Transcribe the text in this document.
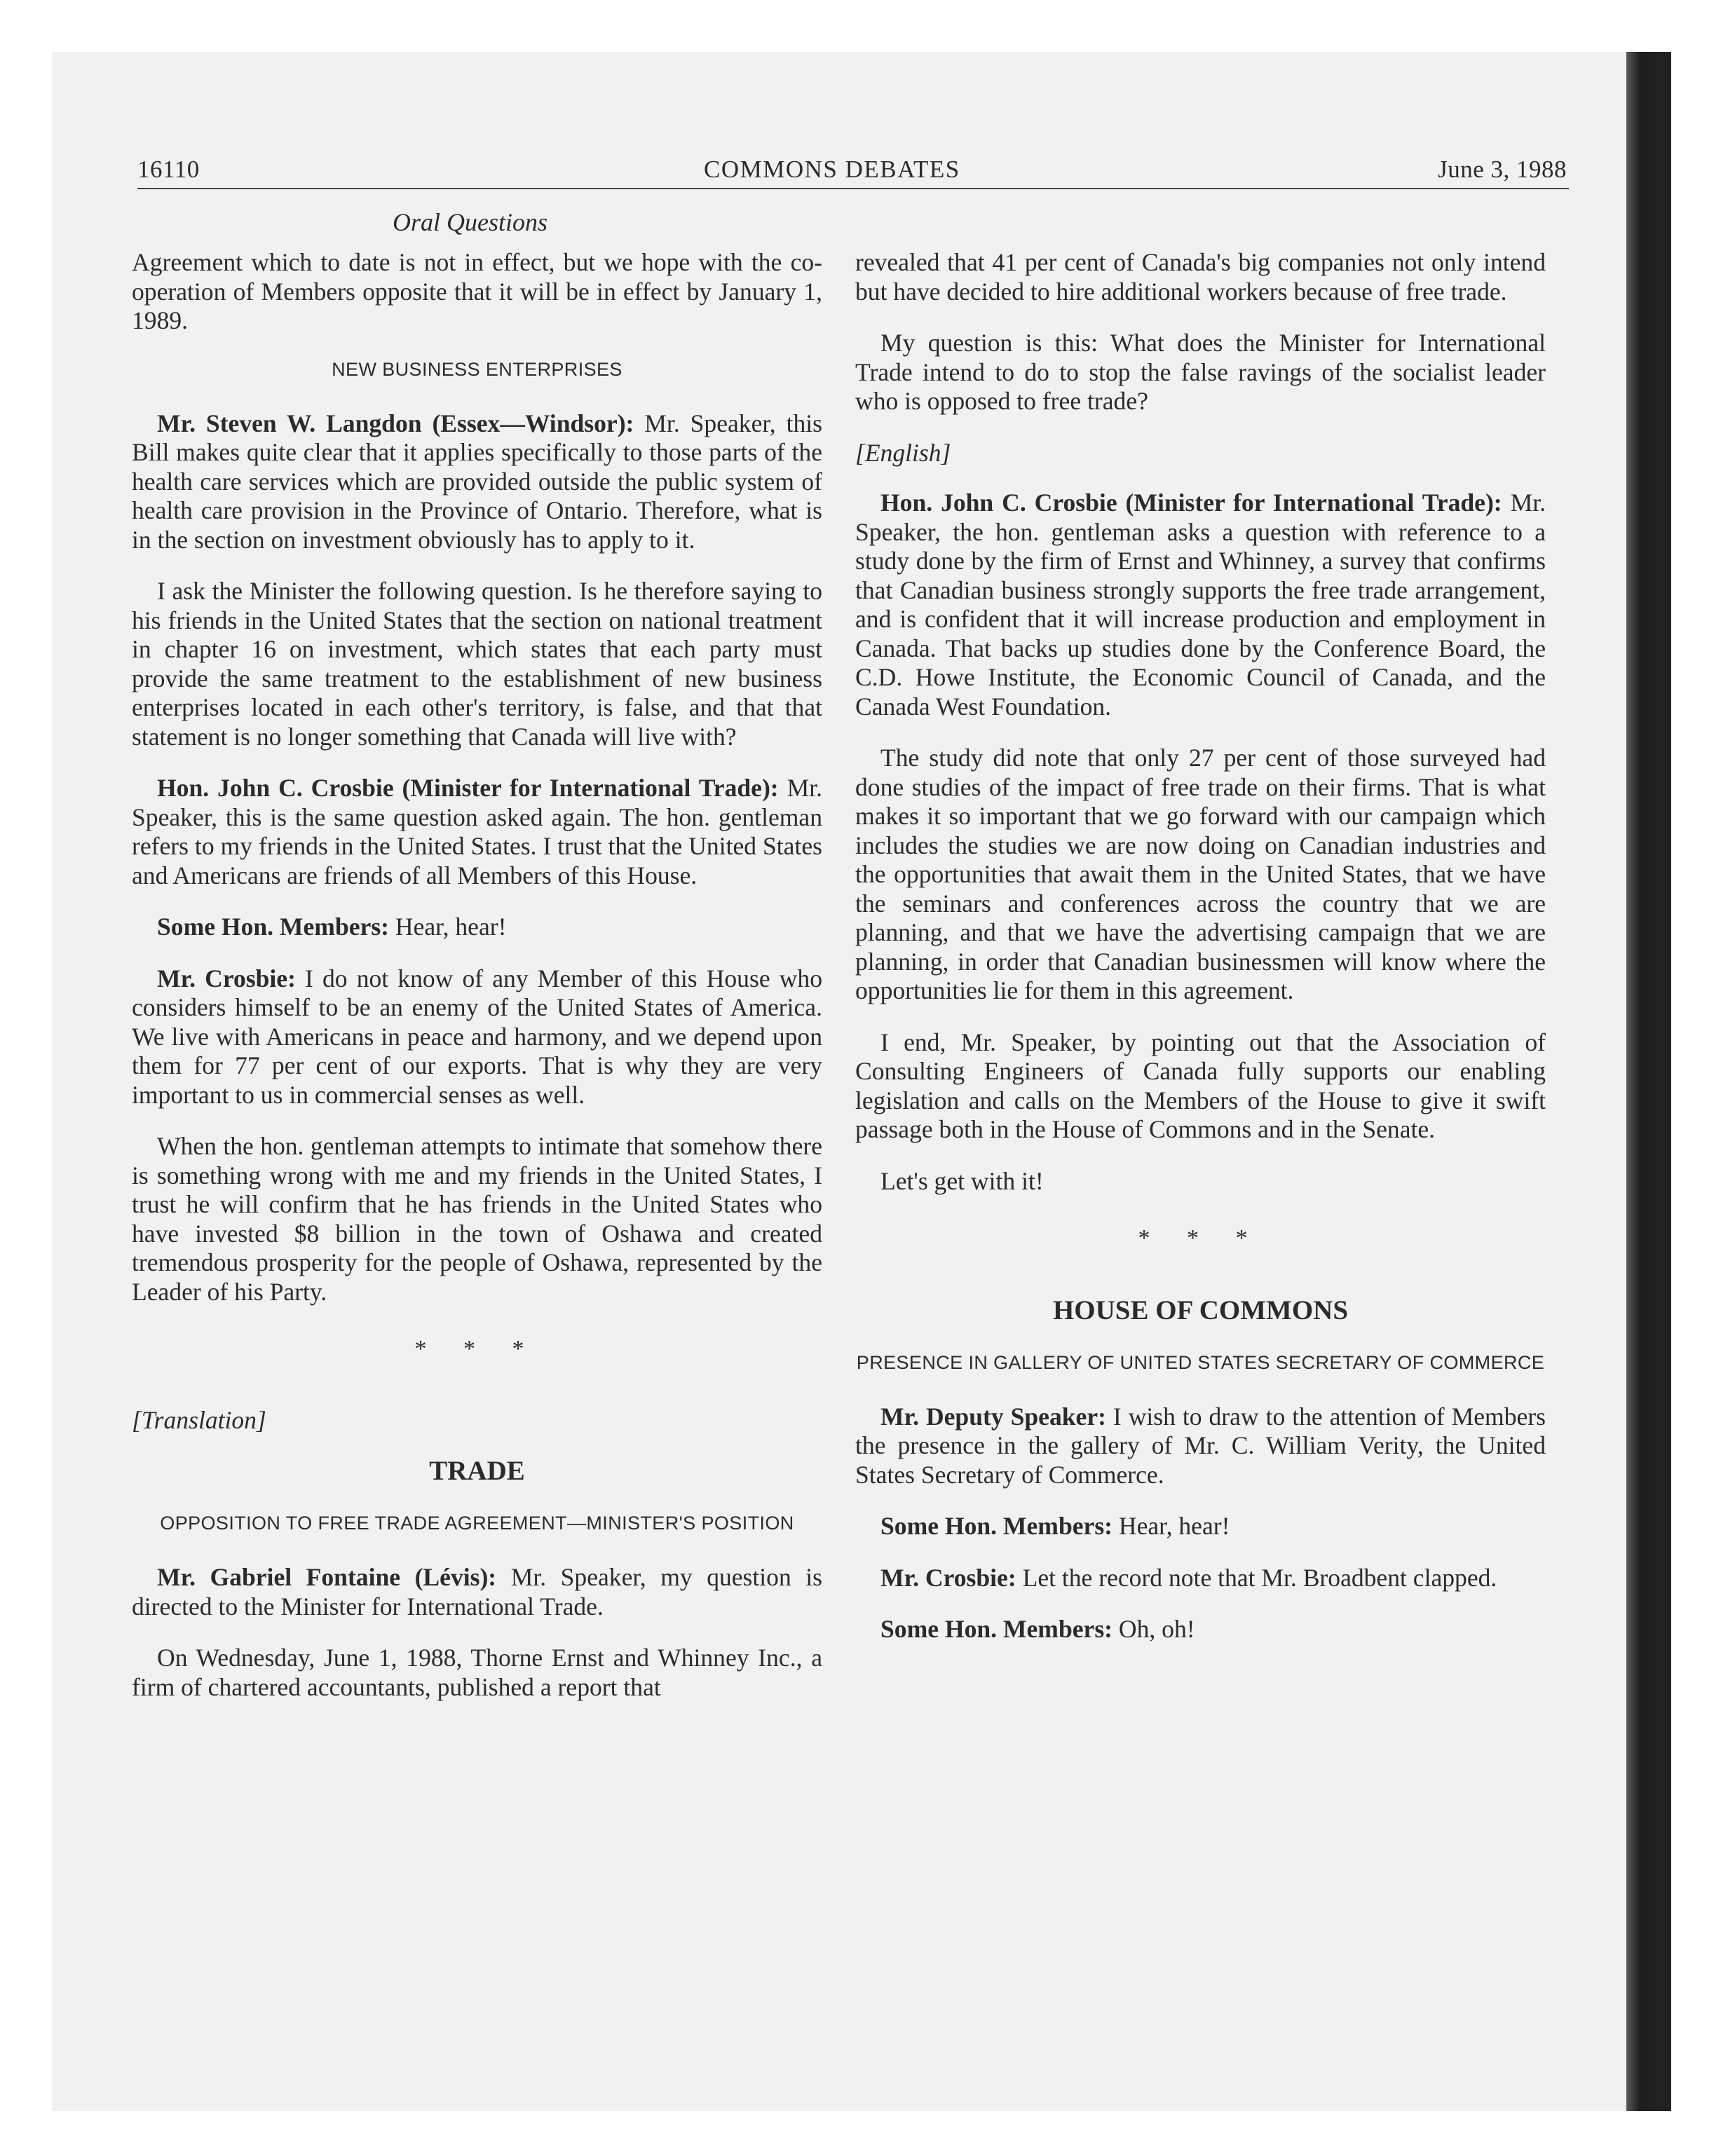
16110	COMMONS DEBATES	June 3, 1988
Oral Questions

Agreement which to date is not in effect, but we hope with the co-operation of Members opposite that it will be in effect by January 1, 1989.

NEW BUSINESS ENTERPRISES

Mr. Steven W. Langdon (Essex—Windsor): Mr. Speaker, this Bill makes quite clear that it applies specifically to those parts of the health care services which are provided outside the public system of health care provision in the Province of Ontario. Therefore, what is in the section on investment obviously has to apply to it.

I ask the Minister the following question. Is he therefore saying to his friends in the United States that the section on national treatment in chapter 16 on investment, which states that each party must provide the same treatment to the establishment of new business enterprises located in each other's territory, is false, and that that statement is no longer something that Canada will live with?

Hon. John C. Crosbie (Minister for International Trade): Mr. Speaker, this is the same question asked again. The hon. gentleman refers to my friends in the United States. I trust that the United States and Americans are friends of all Members of this House.

Some Hon. Members: Hear, hear!

Mr. Crosbie: I do not know of any Member of this House who considers himself to be an enemy of the United States of America. We live with Americans in peace and harmony, and we depend upon them for 77 per cent of our exports. That is why they are very important to us in commercial senses as well.

When the hon. gentleman attempts to intimate that somehow there is something wrong with me and my friends in the United States, I trust he will confirm that he has friends in the United States who have invested $8 billion in the town of Oshawa and created tremendous prosperity for the people of Oshawa, represented by the Leader of his Party.

* * *
[Translation]
TRADE
OPPOSITION TO FREE TRADE AGREEMENT—MINISTER'S POSITION

Mr. Gabriel Fontaine (Lévis): Mr. Speaker, my question is directed to the Minister for International Trade.

On Wednesday, June 1, 1988, Thorne Ernst and Whinney Inc., a firm of chartered accountants, published a report that

revealed that 41 per cent of Canada's big companies not only intend but have decided to hire additional workers because of free trade.

My question is this: What does the Minister for International Trade intend to do to stop the false ravings of the socialist leader who is opposed to free trade?

[English]

Hon. John C. Crosbie (Minister for International Trade): Mr. Speaker, the hon. gentleman asks a question with reference to a study done by the firm of Ernst and Whinney, a survey that confirms that Canadian business strongly supports the free trade arrangement, and is confident that it will increase production and employment in Canada. That backs up studies done by the Conference Board, the C.D. Howe Institute, the Economic Council of Canada, and the Canada West Foundation.

The study did note that only 27 per cent of those surveyed had done studies of the impact of free trade on their firms. That is what makes it so important that we go forward with our campaign which includes the studies we are now doing on Canadian industries and the opportunities that await them in the United States, that we have the seminars and conferences across the country that we are planning, and that we have the advertising campaign that we are planning, in order that Canadian businessmen will know where the opportunities lie for them in this agreement.

I end, Mr. Speaker, by pointing out that the Association of Consulting Engineers of Canada fully supports our enabling legislation and calls on the Members of the House to give it swift passage both in the House of Commons and in the Senate.

Let's get with it!

* * *
HOUSE OF COMMONS
PRESENCE IN GALLERY OF UNITED STATES SECRETARY OF COMMERCE

Mr. Deputy Speaker: I wish to draw to the attention of Members the presence in the gallery of Mr. C. William Verity, the United States Secretary of Commerce.

Some Hon. Members: Hear, hear!

Mr. Crosbie: Let the record note that Mr. Broadbent clapped.

Some Hon. Members: Oh, oh!
